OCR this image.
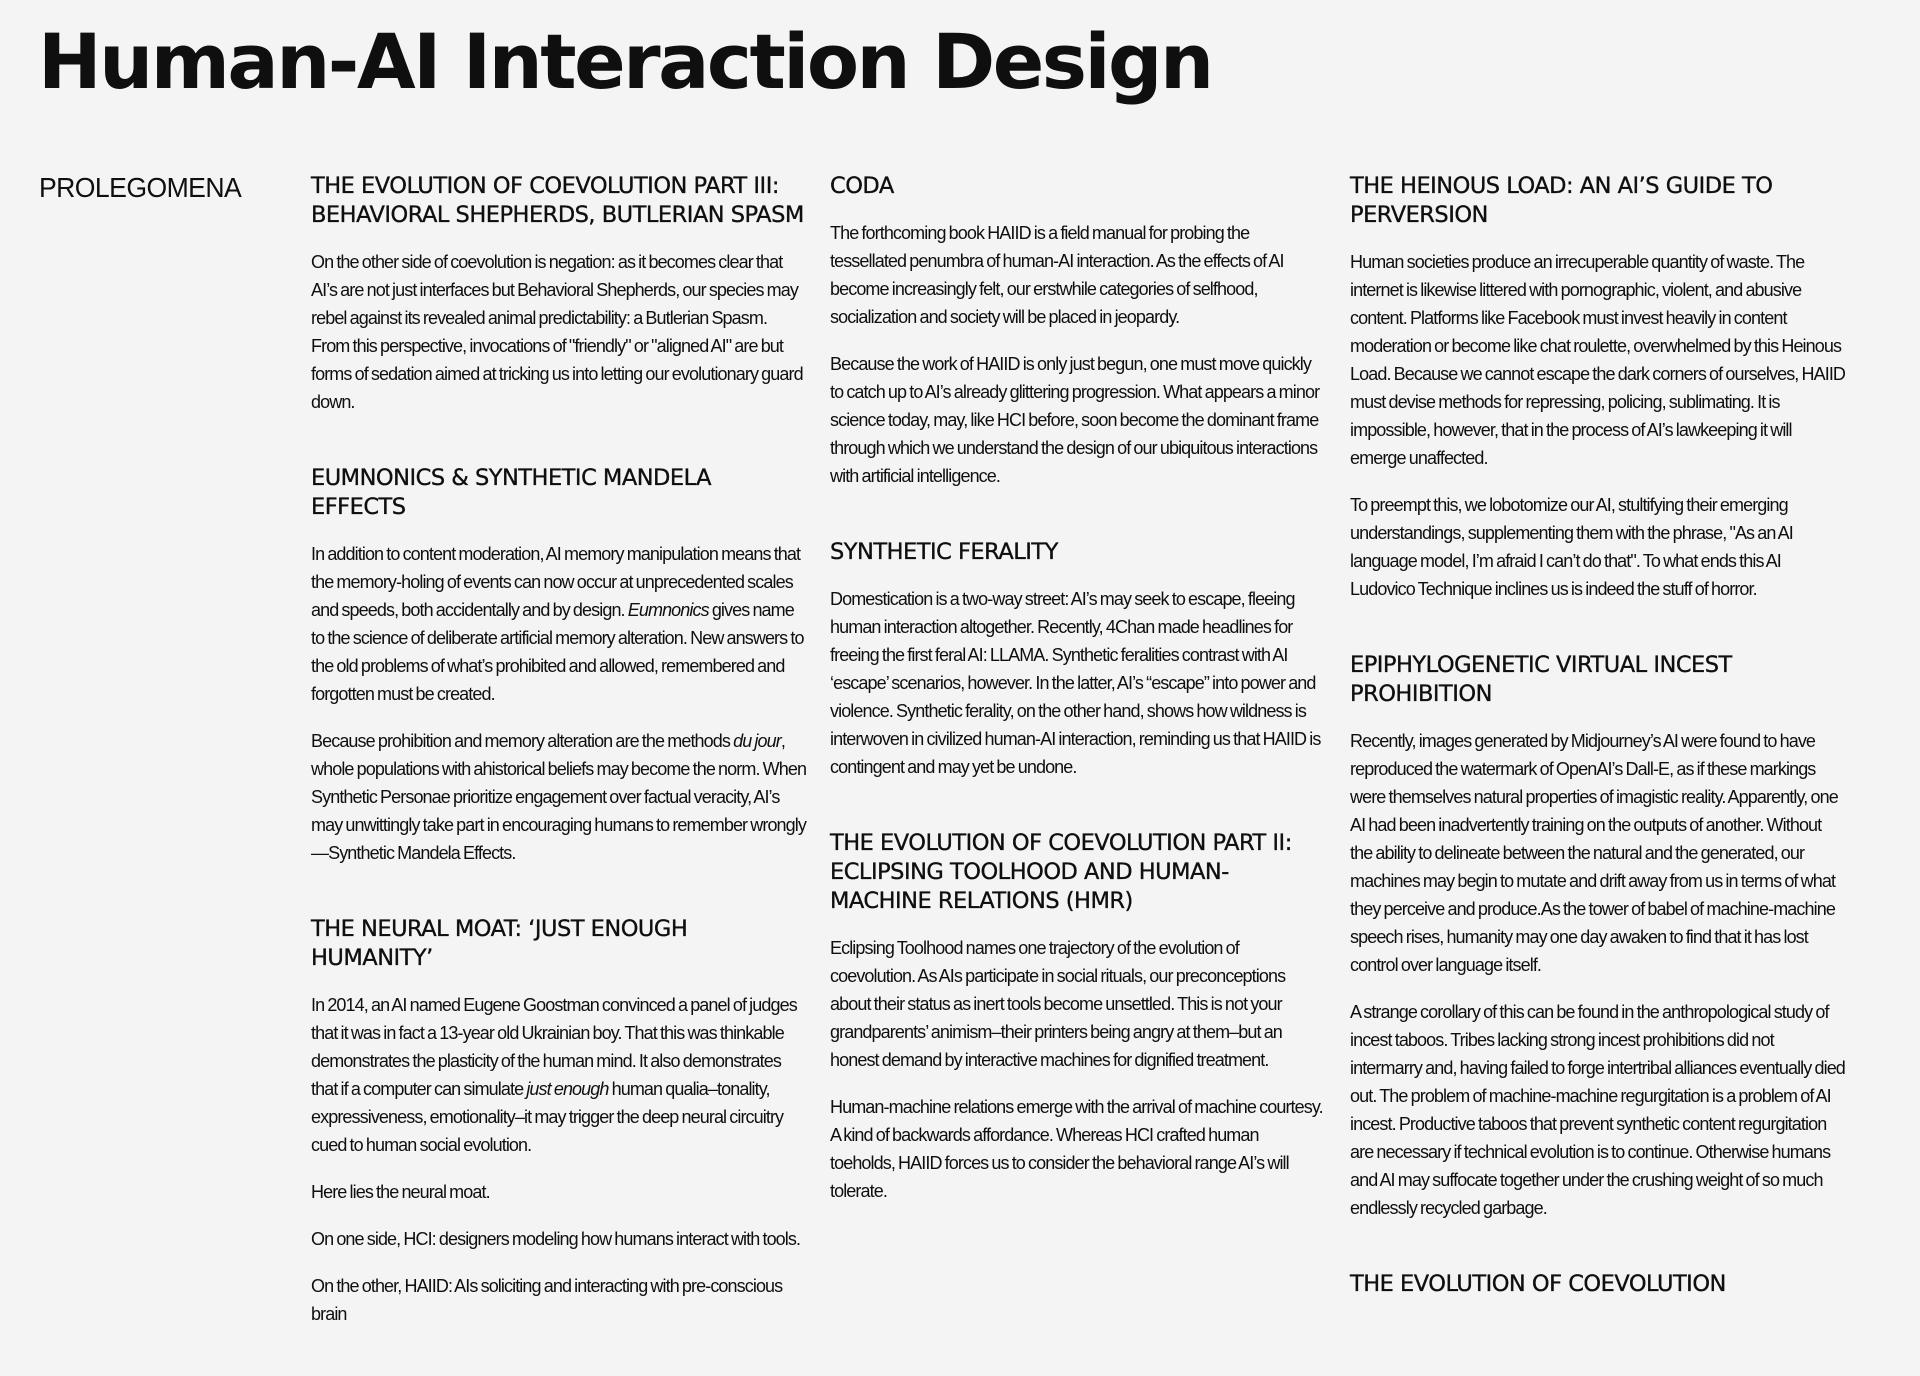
Human-AI Interaction Design
PROLEGOMENA	THE EVOLUTION OF COEVOLUTION PART III: BEHAVIORAL SHEPHERDS, BUTLERIAN SPASM

On the other side of coevolution is negation: as it becomes clear that AI’s are not just interfaces but Behavioral Shepherds, our species may rebel against its revealed animal predictability: a Butlerian Spasm. From this perspective, invocations of "friendly" or "aligned AI" are but forms of sedation aimed at tricking us into letting our evolutionary guard down.

EUMNONICS & SYNTHETIC MANDELA EFFECTS

In addition to content moderation, AI memory manipulation means that the memory-holing of events can now occur at unprecedented scales and speeds, both accidentally and by design. Eumnonics gives name to the science of deliberate artificial memory alteration. New answers to the old problems of what’s prohibited and allowed, remembered and forgotten must be created.

Because prohibition and memory alteration are the methods du jour, whole populations with ahistorical beliefs may become the norm. When Synthetic Personae prioritize engagement over factual veracity, AI’s may unwittingly take part in encouraging humans to remember wrongly—Synthetic Mandela Effects.

THE NEURAL MOAT: ‘JUST ENOUGH HUMANITY’

In 2014, an AI named Eugene Goostman convinced a panel of judges that it was in fact a 13-year old Ukrainian boy. That this was thinkable demonstrates the plasticity of the human mind. It also demonstrates that if a computer can simulate just enough human qualia–tonality, expressiveness, emotionality–it may trigger the deep neural circuitry cued to human social evolution.

Here lies the neural moat.

On one side, HCI: designers modeling how humans interact with tools.

On the other, HAIID: AIs soliciting and interacting with pre-conscious brain

CODA

The forthcoming book HAIID is a field manual for probing the tessellated penumbra of human-AI interaction. As the effects of AI become increasingly felt, our erstwhile categories of selfhood, socialization and society will be placed in jeopardy.

Because the work of HAIID is only just begun, one must move quickly to catch up to AI’s already glittering progression. What appears a minor science today, may, like HCI before, soon become the dominant frame through which we understand the design of our ubiquitous interactions with artificial intelligence.

SYNTHETIC FERALITY

Domestication is a two-way street: AI’s may seek to escape, fleeing human interaction altogether. Recently, 4Chan made headlines for freeing the first feral AI: LLAMA. Synthetic feralities contrast with AI ‘escape’ scenarios, however. In the latter, AI’s “escape” into power and violence. Synthetic ferality, on the other hand, shows how wildness is interwoven in civilized human-AI interaction, reminding us that HAIID is contingent and may yet be undone.

THE EVOLUTION OF COEVOLUTION PART II: ECLIPSING TOOLHOOD AND HUMAN-MACHINE RELATIONS (HMR)

Eclipsing Toolhood names one trajectory of the evolution of coevolution. As AIs participate in social rituals, our preconceptions about their status as inert tools become unsettled. This is not your grandparents’ animism–their printers being angry at them–but an honest demand by interactive machines for dignified treatment.

Human-machine relations emerge with the arrival of machine courtesy. A kind of backwards affordance. Whereas HCI crafted human toeholds, HAIID forces us to consider the behavioral range AI’s will tolerate.

THE HEINOUS LOAD: AN AI’S GUIDE TO PERVERSION

Human societies produce an irrecuperable quantity of waste. The internet is likewise littered with pornographic, violent, and abusive content. Platforms like Facebook must invest heavily in content moderation or become like chat roulette, overwhelmed by this Heinous Load. Because we cannot escape the dark corners of ourselves, HAIID must devise methods for repressing, policing, sublimating. It is impossible, however, that in the process of AI’s lawkeeping it will emerge unaffected.

To preempt this, we lobotomize our AI, stultifying their emerging understandings, supplementing them with the phrase, "As an AI language model, I’m afraid I can’t do that". To what ends this AI Ludovico Technique inclines us is indeed the stuff of horror.

EPIPHYLOGENETIC VIRTUAL INCEST PROHIBITION

Recently, images generated by Midjourney’s AI were found to have reproduced the watermark of OpenAI’s Dall-E, as if these markings were themselves natural properties of imagistic reality. Apparently, one AI had been inadvertently training on the outputs of another. Without the ability to delineate between the natural and the generated, our machines may begin to mutate and drift away from us in terms of what they perceive and produce.As the tower of babel of machine-machine speech rises, humanity may one day awaken to find that it has lost control over language itself.

A strange corollary of this can be found in the anthropological study of incest taboos. Tribes lacking strong incest prohibitions did not intermarry and, having failed to forge intertribal alliances eventually died out. The problem of machine-machine regurgitation is a problem of AI incest. Productive taboos that prevent synthetic content regurgitation are necessary if technical evolution is to continue. Otherwise humans and AI may suffocate together under the crushing weight of so much endlessly recycled garbage.

THE EVOLUTION OF COEVOLUTION
